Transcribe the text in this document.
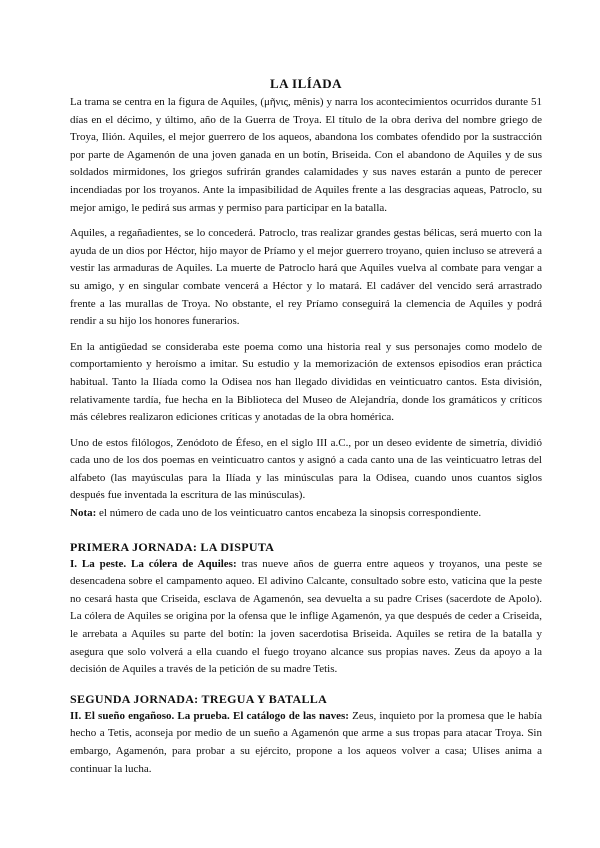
LA ILÍADA

La trama se centra en la figura de Aquiles, (μῆνις, mênis) y narra los acontecimientos ocurridos durante 51 días en el décimo, y último, año de la Guerra de Troya. El título de la obra deriva del nombre griego de Troya, Ilión. Aquiles, el mejor guerrero de los aqueos, abandona los combates ofendido por la sustracción por parte de Agamenón de una joven ganada en un botín, Briseida. Con el abandono de Aquiles y de sus soldados mirmidones, los griegos sufrirán grandes calamidades y sus naves estarán a punto de perecer incendiadas por los troyanos. Ante la impasibilidad de Aquiles frente a las desgracias aqueas, Patroclo, su mejor amigo, le pedirá sus armas y permiso para participar en la batalla.

Aquiles, a regañadientes, se lo concederá. Patroclo, tras realizar grandes gestas bélicas, será muerto con la ayuda de un dios por Héctor, hijo mayor de Príamo y el mejor guerrero troyano, quien incluso se atreverá a vestir las armaduras de Aquiles. La muerte de Patroclo hará que Aquiles vuelva al combate para vengar a su amigo, y en singular combate vencerá a Héctor y lo matará. El cadáver del vencido será arrastrado frente a las murallas de Troya. No obstante, el rey Príamo conseguirá la clemencia de Aquiles y podrá rendir a su hijo los honores funerarios.

En la antigüedad se consideraba este poema como una historia real y sus personajes como modelo de comportamiento y heroísmo a imitar. Su estudio y la memorización de extensos episodios eran práctica habitual. Tanto la Ilíada como la Odisea nos han llegado divididas en veinticuatro cantos. Esta división, relativamente tardía, fue hecha en la Biblioteca del Museo de Alejandría, donde los gramáticos y críticos más célebres realizaron ediciones críticas y anotadas de la obra homérica.

Uno de estos filólogos, Zenódoto de Éfeso, en el siglo III a.C., por un deseo evidente de simetría, dividió cada uno de los dos poemas en veinticuatro cantos y asignó a cada canto una de las veinticuatro letras del alfabeto (las mayúsculas para la Ilíada y las minúsculas para la Odisea, cuando unos cuantos siglos después fue inventada la escritura de las minúsculas).

Nota: el número de cada uno de los veinticuatro cantos encabeza la sinopsis correspondiente.

PRIMERA JORNADA: LA DISPUTA

I. La peste. La cólera de Aquiles: tras nueve años de guerra entre aqueos y troyanos, una peste se desencadena sobre el campamento aqueo. El adivino Calcante, consultado sobre esto, vaticina que la peste no cesará hasta que Criseida, esclava de Agamenón, sea devuelta a su padre Crises (sacerdote de Apolo). La cólera de Aquiles se origina por la ofensa que le inflige Agamenón, ya que después de ceder a Criseida, le arrebata a Aquiles su parte del botín: la joven sacerdotisa Briseida. Aquiles se retira de la batalla y asegura que solo volverá a ella cuando el fuego troyano alcance sus propias naves. Zeus da apoyo a la decisión de Aquiles a través de la petición de su madre Tetis.

SEGUNDA JORNADA: TREGUA Y BATALLA

II. El sueño engañoso. La prueba. El catálogo de las naves: Zeus, inquieto por la promesa que le había hecho a Tetis, aconseja por medio de un sueño a Agamenón que arme a sus tropas para atacar Troya. Sin embargo, Agamenón, para probar a su ejército, propone a los aqueos volver a casa; Ulises anima a continuar la lucha.
